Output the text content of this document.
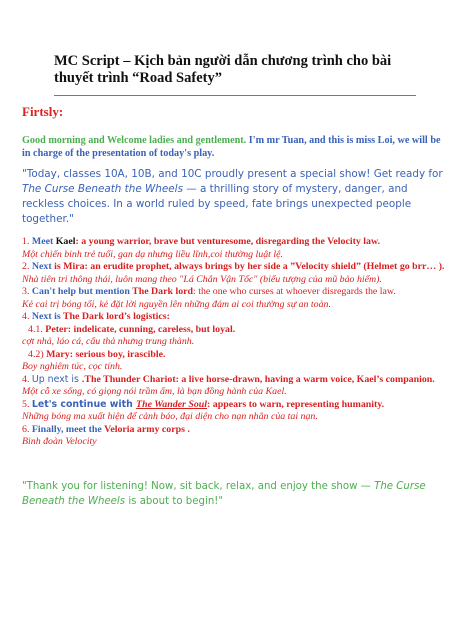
MC Script – Kịch bản người dẫn chương trình cho bài thuyết trình “Road Safety”
Firtsly:
Good morning and Welcome ladies and gentlement. I'm mr Tuan, and this is miss Loi, we will be in charge of the presentation of today's play.
"Today, classes 10A, 10B, and 10C proudly present a special show! Get ready for The Curse Beneath the Wheels — a thrilling story of mystery, danger, and reckless choices. In a world ruled by speed, fate brings unexpected people together."
1. Meet Kael: a young warrior, brave but venturesome, disregarding the Velocity law.
Một chiến binh trẻ tuổi, gan dạ nhưng liều lĩnh,coi thường luật lệ.
2. Next is Mira: an erudite prophet, always brings by her side a ”Velocity shield” (Helmet go brr… ).
Nhà tiên tri thông thái, luôn mang theo "Lá Chắn Vận Tốc" (biểu tượng của mũ bảo hiểm).
3. Can't help but mention The Dark lord: the one who curses at whoever disregards the law.
Kẻ cai trị bóng tối, kẻ đặt lời nguyền lên những đám ai coi thường sự an toàn.
4. Next is The Dark lord’s logistics:
4.1. Peter: indelicate, cunning, careless, but loyal.
cợt nhả, láo cá, cẩu thả nhưng trung thành.
4.2) Mary: serious boy, irascible.
Boy nghiêm túc, cọc tính.
4. Up next is .The Thunder Chariot: a live horse-drawn, having a warm voice, Kael’s companion.
Một cỗ xe sống, có giọng nói trầm ấm, là bạn đồng hành của Kael.
5. Let's continue with The Wander Soul: appears to warn, representing humanity.
Những bóng ma xuất hiện để cảnh báo, đại diện cho nạn nhân của tai nạn.
6. Finally, meet the Veloria army corps .
Binh đoàn Velocity
"Thank you for listening! Now, sit back, relax, and enjoy the show — The Curse Beneath the Wheels is about to begin!"
